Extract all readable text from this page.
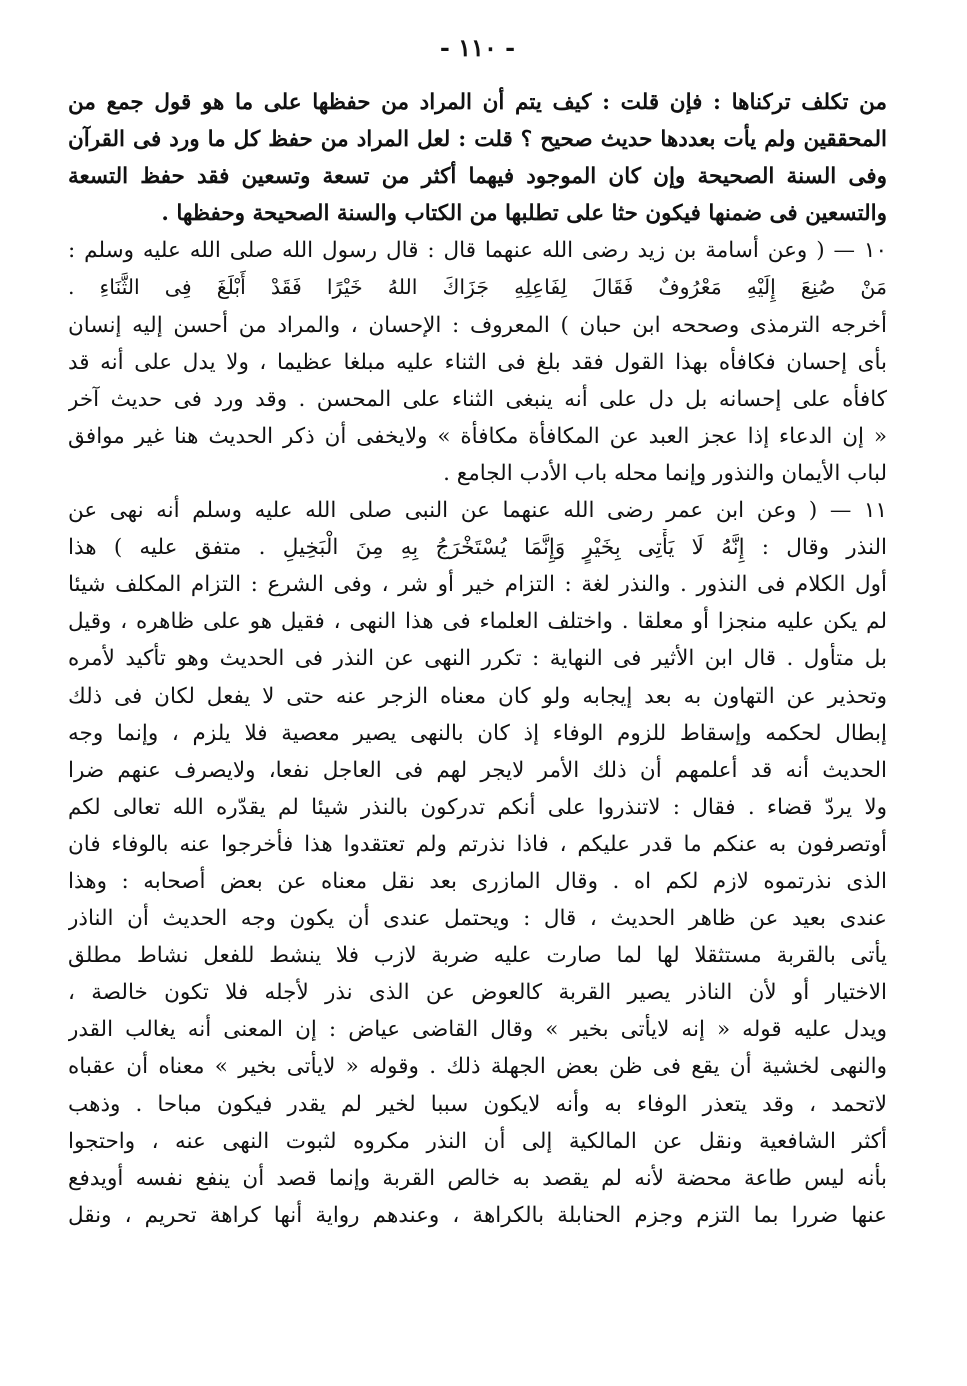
- ١١٠ -
من تكلف تركناها : فإن قلت : كيف يتم أن المراد من حفظها على ما هو قول جمع من
المحققين ولم يأت بعددها حديث صحيح ؟ قلت : لعل المراد من حفظ كل ما ورد فى القرآن
وفى السنة الصحيحة وإن كان الموجود فيهما أكثر من تسعة وتسعين فقد حفظ التسعة
والتسعين فى ضمنها فيكون حثا على تطلبها من الكتاب والسنة الصحيحة وحفظها .
١٠ — ( وعن أسامة بن زيد رضى الله عنهما قال : قال رسول الله صلى الله عليه وسلم :
مَنْ صُنِعَ إِلَيْهِ مَعْرُوفٌ فَقَالَ لِفَاعِلِهِ جَزَاكَ اللهُ خَيْرًا فَقَدْ أَبْلَغَ فِى الثَّنَاءِ .
أخرجه الترمذى وصححه ابن حبان ) المعروف : الإحسان ، والمراد من أحسن إليه إنسان
بأى إحسان فكافأه بهذا القول فقد بلغ فى الثناء عليه مبلغا عظيما ، ولا يدل على أنه قد
كافأه على إحسانه بل دل على أنه ينبغى الثناء على المحسن . وقد ورد فى حديث آخر
« إن الدعاء إذا عجز العبد عن المكافأة مكافأة » ولايخفى أن ذكر الحديث هنا غير موافق
لباب الأيمان والنذور وإنما محله باب الأدب الجامع .
١١ — ( وعن ابن عمر رضى الله عنهما عن النبى صلى الله عليه وسلم أنه نهى عن
النذر وقال : إِنَّهُ لَا يَأْتِى بِخَيْرٍ وَإِنَّمَا يُسْتَخْرَجُ بِهِ مِنَ الْبَخِيلِ . متفق عليه ) هذا
أول الكلام فى النذور . والنذر لغة : التزام خير أو شر ، وفى الشرع : التزام المكلف شيئا
لم يكن عليه منجزا أو معلقا . واختلف العلماء فى هذا النهى ، فقيل هو على ظاهره ، وقيل
بل متأول . قال ابن الأثير فى النهاية : تكرر النهى عن النذر فى الحديث وهو تأكيد لأمره
وتحذير عن التهاون به بعد إيجابه ولو كان معناه الزجر عنه حتى لا يفعل لكان فى ذلك
إبطال لحكمه وإسقاط للزوم الوفاء إذ كان بالنهى يصير معصية فلا يلزم ، وإنما وجه
الحديث أنه قد أعلمهم أن ذلك الأمر لايجر لهم فى العاجل نفعا، ولايصرف عنهم ضرا
ولا يردّ قضاء . فقال : لاتنذروا على أنكم تدركون بالنذر شيئا لم يقدّره الله تعالى لكم
أوتصرفون به عنكم ما قدر عليكم ، فاذا نذرتم ولم تعتقدوا هذا فأخرجوا عنه بالوفاء فان
الذى نذرتموه لازم لكم اه . وقال المازرى بعد نقل معناه عن بعض أصحابه : وهذا
عندى بعيد عن ظاهر الحديث ، قال : ويحتمل عندى أن يكون وجه الحديث أن الناذر
يأتى بالقربة مستثقلا لها لما صارت عليه ضربة لازب فلا ينشط للفعل نشاط مطلق
الاختيار أو لأن الناذر يصير القربة كالعوض عن الذى نذر لأجله فلا تكون خالصة ،
ويدل عليه قوله « إنه لايأتى بخير » وقال القاضى عياض : إن المعنى أنه يغالب القدر
والنهى لخشية أن يقع فى ظن بعض الجهلة ذلك . وقوله « لايأتى بخير » معناه أن عقباه
لاتحمد ، وقد يتعذر الوفاء به وأنه لايكون سببا لخير لم يقدر فيكون مباحا . وذهب
أكثر الشافعية ونقل عن المالكية إلى أن النذر مكروه لثبوت النهى عنه ، واحتجوا
بأنه ليس طاعة محضة لأنه لم يقصد به خالص القربة وإنما قصد أن ينفع نفسه أويدفع
عنها ضررا بما التزم وجزم الحنابلة بالكراهة ، وعندهم رواية أنها كراهة تحريم ، ونقل
